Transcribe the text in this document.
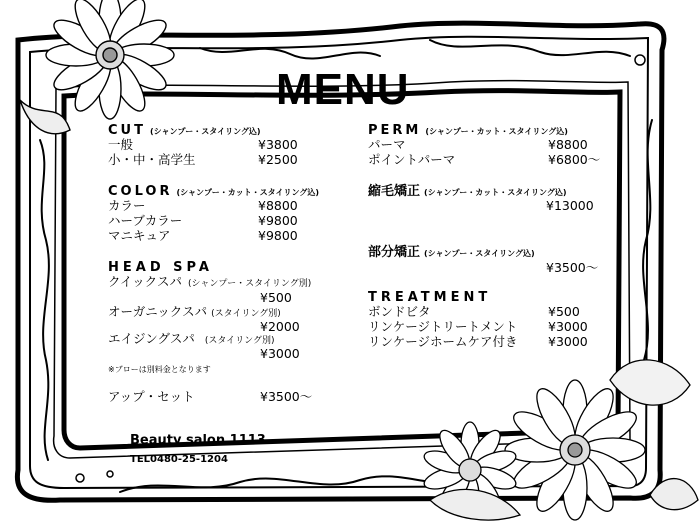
MENU
CUT (シャンプー・スタイリング込)
一般	¥3800
小・中・高学生	¥2500
COLOR (シャンプー・カット・スタイリング込)
カラー	¥8800
ハーブカラー	¥9800
マニキュア	¥9800
HEAD SPA
クイックスパ (シャンプー・スタイリング別)
¥500
オーガニックスパ (スタイリング別)
¥2000
エイジングスパ (スタイリング別)
¥3000
※ブローは別料金となります
アップ・セット	¥3500〜
PERM (シャンプー・カット・スタイリング込)
パーマ	¥8800
ポイントパーマ	¥6800〜
縮毛矯正 (シャンプー・カット・スタイリング込)
¥13000
部分矯正 (シャンプー・スタイリング込)
¥3500〜
TREATMENT
ボンドビタ	¥500
リンケージトリートメント ¥3000
リンケージホームケア付き ¥3000
Beauty salon 1113
TEL0480-25-1204
